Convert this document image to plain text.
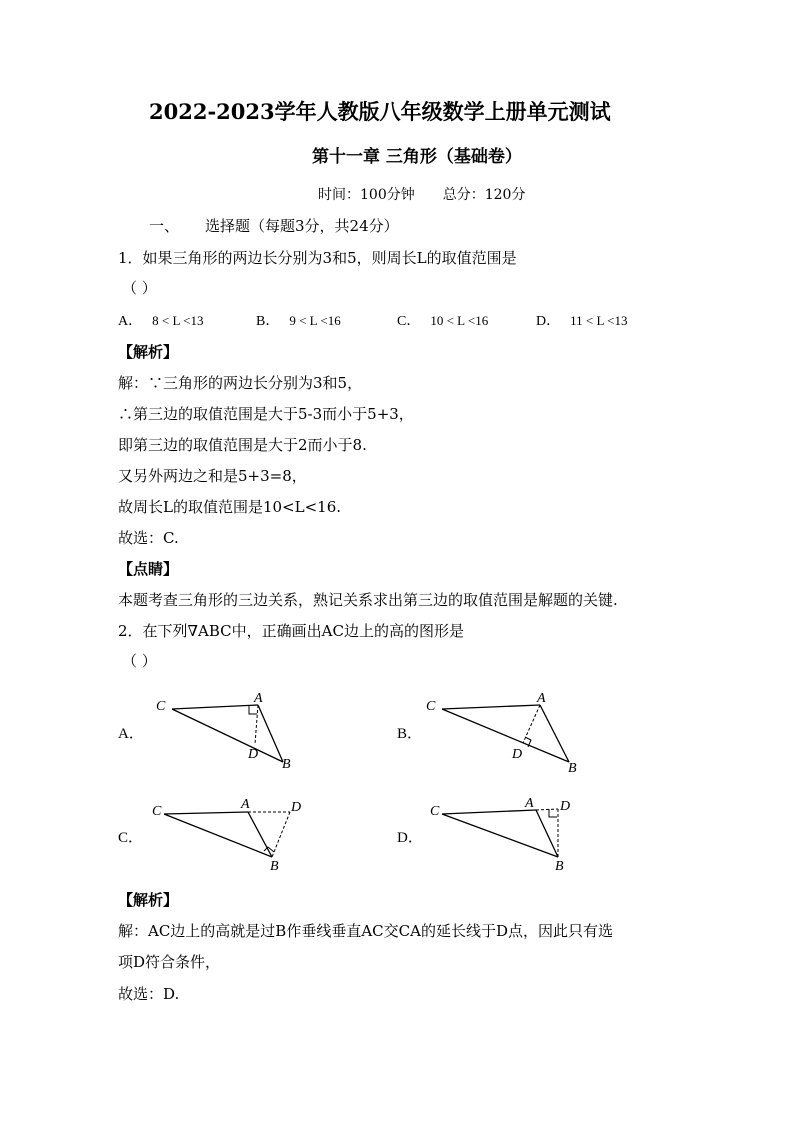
2022-2023学年人教版八年级数学上册单元测试
第十一章 三角形（基础卷）
时间：100分钟　　总分：120分
一、 选择题（每题3分，共24分）
1．如果三角形的两边长分别为3和5，则周长L的取值范围是
（ ）
A． 8 < L <13	B． 9 < L <16	C． 10 < L <16	D． 11 < L <13
【解析】
解：∵三角形的两边长分别为3和5，
∴第三边的取值范围是大于5-3而小于5+3，
即第三边的取值范围是大于2而小于8.
又另外两边之和是5+3=8，
故周长L的取值范围是10<L<16.
故选：C.
【点睛】
本题考查三角形的三边关系，熟记关系求出第三边的取值范围是解题的关键.
2．在下列∇ABC中，正确画出AC边上的高的图形是
（ ）
A．
C
A
D
B
B．
C
A
D
B
C．
C	A	D
B
D．
C
A D
B
【解析】
解：AC边上的高就是过B作垂线垂直AC交CA的延长线于D点，因此只有选
项D符合条件，
故选：D.
